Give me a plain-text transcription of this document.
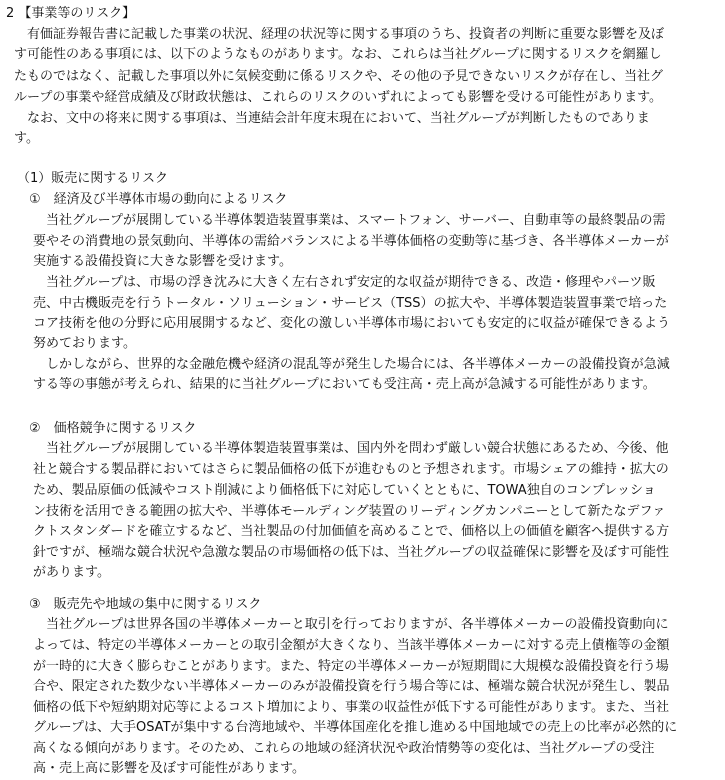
2 【事業等のリスク】
　有価証券報告書に記載した事業の状況、経理の状況等に関する事項のうち、投資者の判断に重要な影響を及ぼ
す可能性のある事項には、以下のようなものがあります。なお、これらは当社グループに関するリスクを網羅し
たものではなく、記載した事項以外に気候変動に係るリスクや、その他の予見できないリスクが存在し、当社グ
ループの事業や経営成績及び財政状態は、これらのリスクのいずれによっても影響を受ける可能性があります。
　なお、文中の将来に関する事項は、当連結会計年度末現在において、当社グループが判断したものでありま
す。
（1）販売に関するリスク
①　経済及び半導体市場の動向によるリスク
　当社グループが展開している半導体製造装置事業は、スマートフォン、サーバー、自動車等の最終製品の需
要やその消費地の景気動向、半導体の需給バランスによる半導体価格の変動等に基づき、各半導体メーカーが
実施する設備投資に大きな影響を受けます。
　当社グループは、市場の浮き沈みに大きく左右されず安定的な収益が期待できる、改造・修理やパーツ販
売、中古機販売を行うトータル・ソリューション・サービス（TSS）の拡大や、半導体製造装置事業で培った
コア技術を他の分野に応用展開するなど、変化の激しい半導体市場においても安定的に収益が確保できるよう
努めております。
　しかしながら、世界的な金融危機や経済の混乱等が発生した場合には、各半導体メーカーの設備投資が急減
する等の事態が考えられ、結果的に当社グループにおいても受注高・売上高が急減する可能性があります。
②　価格競争に関するリスク
　当社グループが展開している半導体製造装置事業は、国内外を問わず厳しい競合状態にあるため、今後、他
社と競合する製品群においてはさらに製品価格の低下が進むものと予想されます。市場シェアの維持・拡大の
ため、製品原価の低減やコスト削減により価格低下に対応していくとともに、TOWA独自のコンプレッショ
ン技術を活用できる範囲の拡大や、半導体モールディング装置のリーディングカンパニーとして新たなデファ
クトスタンダードを確立するなど、当社製品の付加価値を高めることで、価格以上の価値を顧客へ提供する方
針ですが、極端な競合状況や急激な製品の市場価格の低下は、当社グループの収益確保に影響を及ぼす可能性
があります。
③　販売先や地域の集中に関するリスク
　当社グループは世界各国の半導体メーカーと取引を行っておりますが、各半導体メーカーの設備投資動向に
よっては、特定の半導体メーカーとの取引金額が大きくなり、当該半導体メーカーに対する売上債権等の金額
が一時的に大きく膨らむことがあります。また、特定の半導体メーカーが短期間に大規模な設備投資を行う場
合や、限定された数少ない半導体メーカーのみが設備投資を行う場合等には、極端な競合状況が発生し、製品
価格の低下や短納期対応等によるコスト増加により、事業の収益性が低下する可能性があります。また、当社
グループは、大手OSATが集中する台湾地域や、半導体国産化を推し進める中国地域での売上の比率が必然的に
高くなる傾向があります。そのため、これらの地域の経済状況や政治情勢等の変化は、当社グループの受注
高・売上高に影響を及ぼす可能性があります。
